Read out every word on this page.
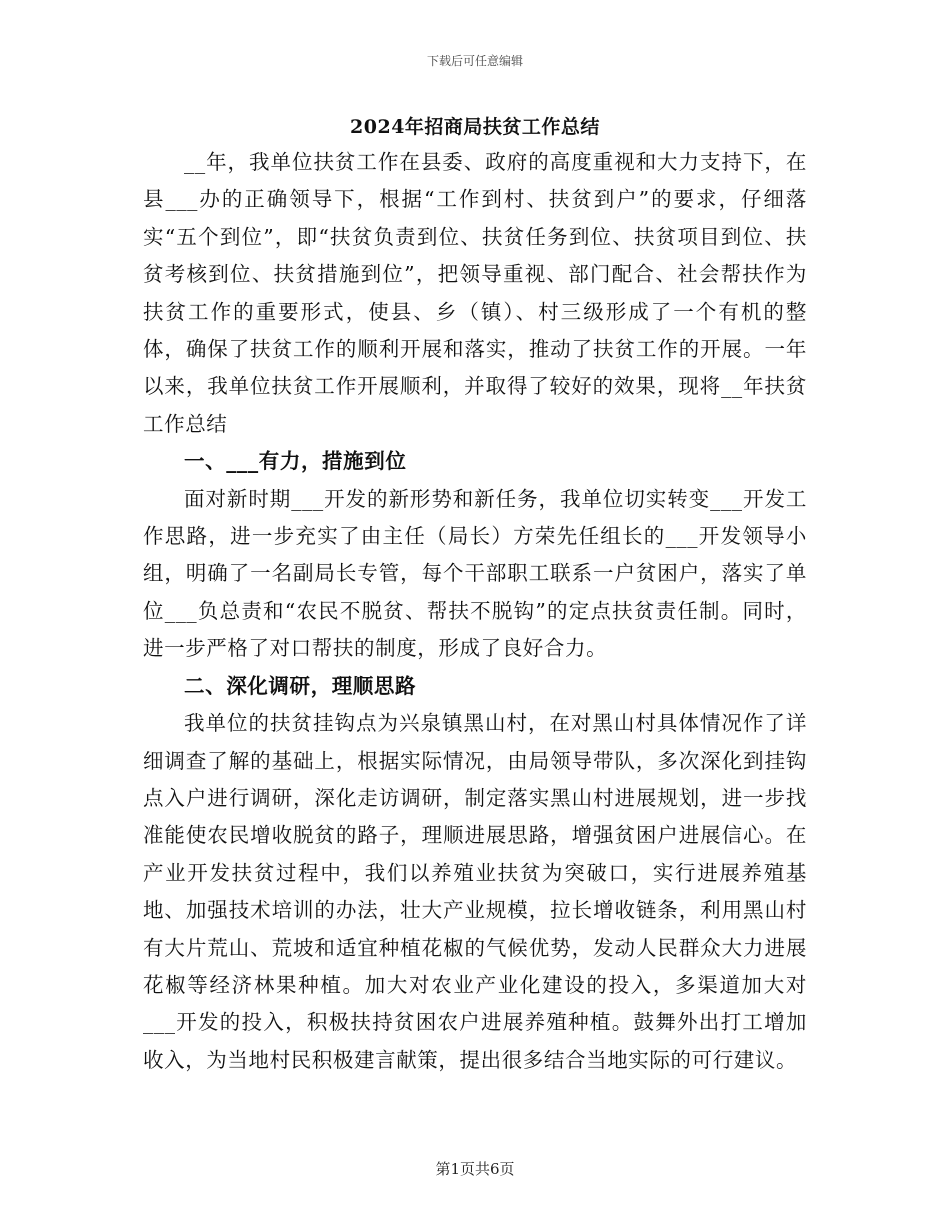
下载后可任意编辑
2024年招商局扶贫工作总结

__年，我单位扶贫工作在县委、政府的高度重视和大力支持下，在县___办的正确领导下，根据“工作到村、扶贫到户”的要求，仔细落实“五个到位”，即“扶贫负责到位、扶贫任务到位、扶贫项目到位、扶贫考核到位、扶贫措施到位”，把领导重视、部门配合、社会帮扶作为扶贫工作的重要形式，使县、乡（镇）、村三级形成了一个有机的整体，确保了扶贫工作的顺利开展和落实，推动了扶贫工作的开展。一年以来，我单位扶贫工作开展顺利，并取得了较好的效果，现将__年扶贫工作总结

一、___有力，措施到位

面对新时期___开发的新形势和新任务，我单位切实转变___开发工作思路，进一步充实了由主任（局长）方荣先任组长的___开发领导小组，明确了一名副局长专管，每个干部职工联系一户贫困户，落实了单位___负总责和“农民不脱贫、帮扶不脱钩”的定点扶贫责任制。同时，进一步严格了对口帮扶的制度，形成了良好合力。

二、深化调研，理顺思路

我单位的扶贫挂钩点为兴泉镇黑山村，在对黑山村具体情况作了详细调查了解的基础上，根据实际情况，由局领导带队，多次深化到挂钩点入户进行调研，深化走访调研，制定落实黑山村进展规划，进一步找准能使农民增收脱贫的路子，理顺进展思路，增强贫困户进展信心。在产业开发扶贫过程中，我们以养殖业扶贫为突破口，实行进展养殖基地、加强技术培训的办法，壮大产业规模，拉长增收链条，利用黑山村有大片荒山、荒坡和适宜种植花椒的气候优势，发动人民群众大力进展花椒等经济林果种植。加大对农业产业化建设的投入，多渠道加大对___开发的投入，积极扶持贫困农户进展养殖种植。鼓舞外出打工增加收入，为当地村民积极建言献策，提出很多结合当地实际的可行建议。

第1页共6页
